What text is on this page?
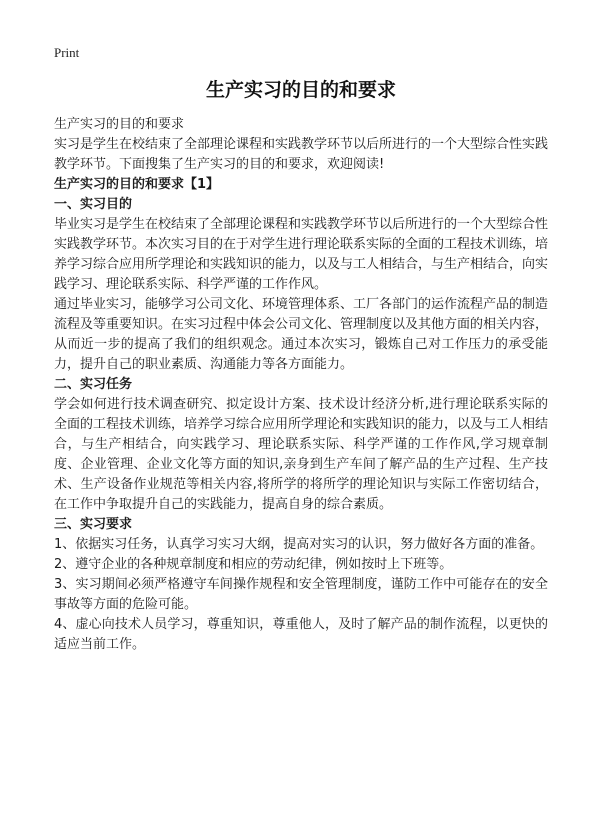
Print
生产实习的目的和要求
生产实习的目的和要求

实习是学生在校结束了全部理论课程和实践教学环节以后所进行的一个大型综合性实践教学环节。下面搜集了生产实习的目的和要求，欢迎阅读!

生产实习的目的和要求【1】
一、实习目的

毕业实习是学生在校结束了全部理论课程和实践教学环节以后所进行的一个大型综合性实践教学环节。本次实习目的在于对学生进行理论联系实际的全面的工程技术训练，培养学习综合应用所学理论和实践知识的能力，以及与工人相结合，与生产相结合，向实践学习、理论联系实际、科学严谨的工作作风。

通过毕业实习，能够学习公司文化、环境管理体系、工厂各部门的运作流程产品的制造流程及等重要知识。在实习过程中体会公司文化、管理制度以及其他方面的相关内容，从而近一步的提高了我们的组织观念。通过本次实习，锻炼自己对工作压力的承受能力，提升自己的职业素质、沟通能力等各方面能力。

二、实习任务

学会如何进行技术调查研究、拟定设计方案、技术设计经济分析,进行理论联系实际的全面的工程技术训练，培养学习综合应用所学理论和实践知识的能力，以及与工人相结合，与生产相结合，向实践学习、理论联系实际、科学严谨的工作作风,学习规章制度、企业管理、企业文化等方面的知识,亲身到生产车间了解产品的生产过程、生产技术、生产设备作业规范等相关内容,将所学的将所学的理论知识与实际工作密切结合，在工作中争取提升自己的实践能力，提高自身的综合素质。

三、实习要求

1、依据实习任务，认真学习实习大纲，提高对实习的认识，努力做好各方面的准备。

2、遵守企业的各种规章制度和相应的劳动纪律，例如按时上下班等。

3、实习期间必须严格遵守车间操作规程和安全管理制度，谨防工作中可能存在的安全事故等方面的危险可能。

4、虚心向技术人员学习，尊重知识，尊重他人，及时了解产品的制作流程，以更快的适应当前工作。
